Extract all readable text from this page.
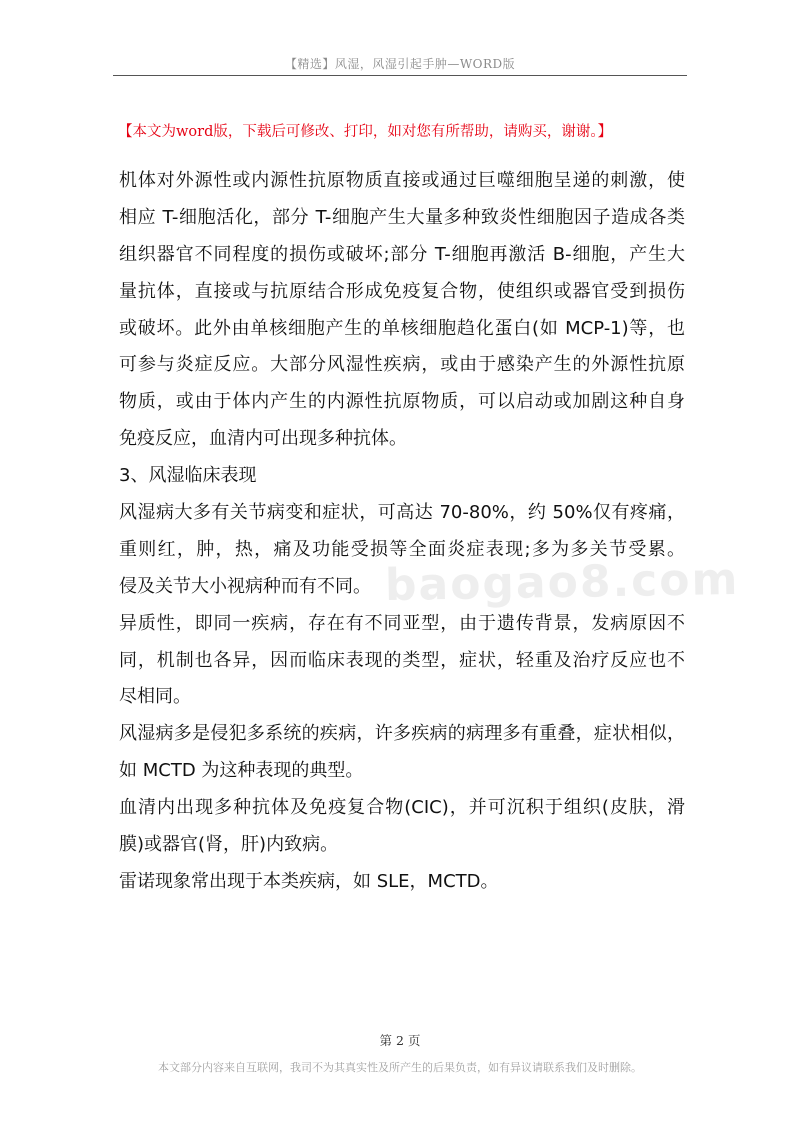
【精选】风湿，风湿引起手肿—WORD版
【本文为word版，下载后可修改、打印，如对您有所帮助，请购买，谢谢。】
baogao8.com
机体对外源性或内源性抗原物质直接或通过巨噬细胞呈递的刺激，使
相应 T-细胞活化，部分 T-细胞产生大量多种致炎性细胞因子造成各类
组织器官不同程度的损伤或破坏;部分 T-细胞再激活 B-细胞，产生大
量抗体，直接或与抗原结合形成免疫复合物，使组织或器官受到损伤
或破坏。此外由单核细胞产生的单核细胞趋化蛋白(如 MCP-1)等，也
可参与炎症反应。大部分风湿性疾病，或由于感染产生的外源性抗原
物质，或由于体内产生的内源性抗原物质，可以启动或加剧这种自身
免疫反应，血清内可出现多种抗体。
3、风湿临床表现
风湿病大多有关节病变和症状，可高达 70-80%，约 50%仅有疼痛，
重则红，肿，热，痛及功能受损等全面炎症表现;多为多关节受累。
侵及关节大小视病种而有不同。
异质性，即同一疾病，存在有不同亚型，由于遗传背景，发病原因不
同，机制也各异，因而临床表现的类型，症状，轻重及治疗反应也不
尽相同。
风湿病多是侵犯多系统的疾病，许多疾病的病理多有重叠，症状相似，
如 MCTD 为这种表现的典型。
血清内出现多种抗体及免疫复合物(CIC)，并可沉积于组织(皮肤，滑
膜)或器官(肾，肝)内致病。
雷诺现象常出现于本类疾病，如 SLE，MCTD。
第 2 页
本文部分内容来自互联网，我司不为其真实性及所产生的后果负责，如有异议请联系我们及时删除。
